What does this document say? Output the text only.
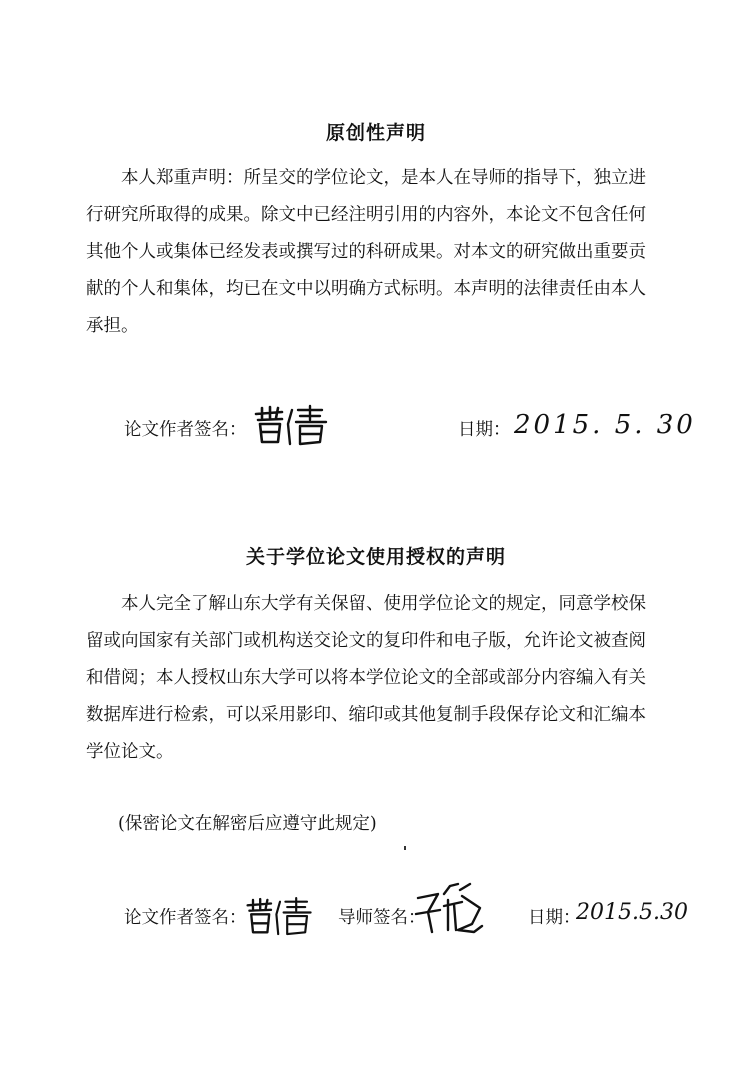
原创性声明

本人郑重声明：所呈交的学位论文，是本人在导师的指导下，独立进行研究所取得的成果。除文中已经注明引用的内容外，本论文不包含任何其他个人或集体已经发表或撰写过的科研成果。对本文的研究做出重要贡献的个人和集体，均已在文中以明确方式标明。本声明的法律责任由本人承担。

论文作者签名：	日期： 2015. 5. 30
关于学位论文使用授权的声明

本人完全了解山东大学有关保留、使用学位论文的规定，同意学校保留或向国家有关部门或机构送交论文的复印件和电子版，允许论文被查阅和借阅；本人授权山东大学可以将本学位论文的全部或部分内容编入有关数据库进行检索，可以采用影印、缩印或其他复制手段保存论文和汇编本学位论文。

(保密论文在解密后应遵守此规定)
论文作者签名：	导师签名：	日期：
2015.5.30
